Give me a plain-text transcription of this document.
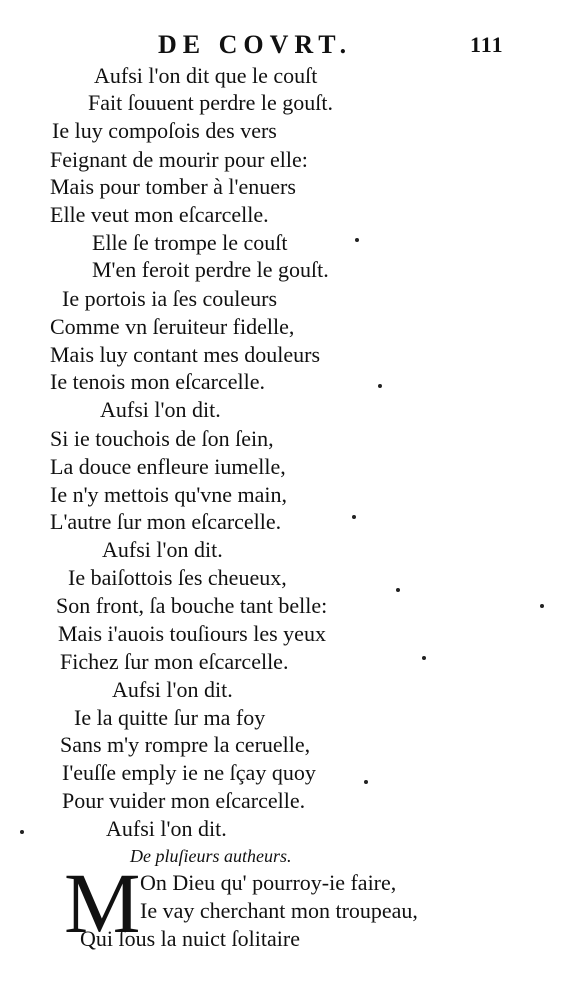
DE COVRT.	111
Aufsi l'on dit que le couſt
Fait ſouuent perdre le gouſt.
Ie luy compoſois des vers
Feignant de mourir pour elle:
Mais pour tomber à l'enuers
Elle veut mon eſcarcelle.
Elle ſe trompe le couſt
M'en feroit perdre le gouſt.
Ie portois ia ſes couleurs
Comme vn ſeruiteur fidelle,
Mais luy contant mes douleurs
Ie tenois mon eſcarcelle.
Aufsi l'on dit.
Si ie touchois de ſon ſein,
La douce enfleure iumelle,
Ie n'y mettois qu'vne main,
L'autre ſur mon eſcarcelle.
Aufsi l'on dit.
Ie baiſottois ſes cheueux,
Son front, ſa bouche tant belle:
Mais i'auois touſiours les yeux
Fichez ſur mon eſcarcelle.
Aufsi l'on dit.
Ie la quitte ſur ma foy
Sans m'y rompre la ceruelle,
I'euſſe emply ie ne ſçay quoy
Pour vuider mon eſcarcelle.
Aufsi l'on dit.
De pluſieurs autheurs.
M On Dieu qu' pourroy-ie faire,
Ie vay cherchant mon troupeau,
Qui ſous la nuict ſolitaire
